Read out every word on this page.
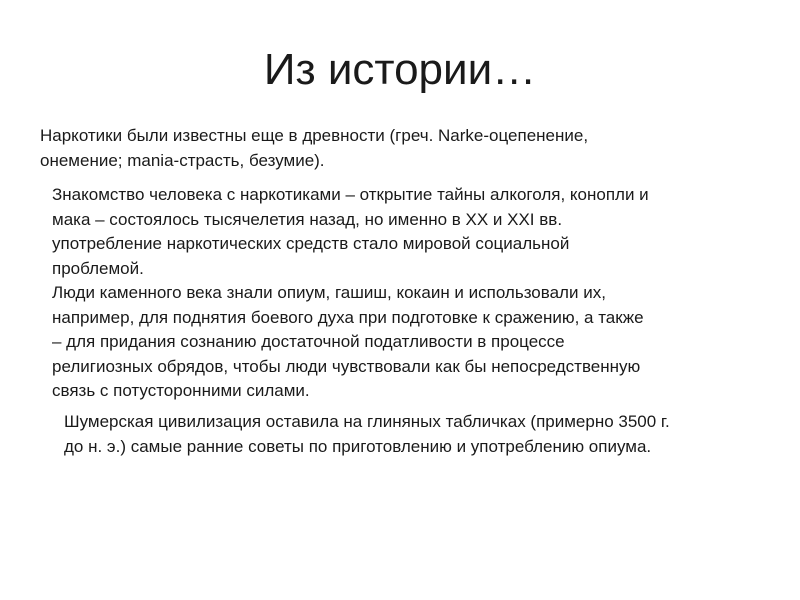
Из истории…

Наркотики были известны еще в древности (греч. Narke-оцепенение,
онемение; mania-страсть, безумие).

Знакомство человека с наркотиками – открытие тайны алкоголя, конопли и
мака – состоялось тысячелетия назад, но именно в XX и XXI вв.
употребление наркотических средств стало мировой социальной
проблемой.
Люди каменного века знали опиум, гашиш, кокаин и использовали их,
например, для поднятия боевого духа при подготовке к сражению, а также
– для придания сознанию достаточной податливости в процессе
религиозных обрядов, чтобы люди чувствовали как бы непосредственную
связь с потусторонними силами.

Шумерская цивилизация оставила на глиняных табличках (примерно 3500 г.
до н. э.) самые ранние советы по приготовлению и употреблению опиума.
